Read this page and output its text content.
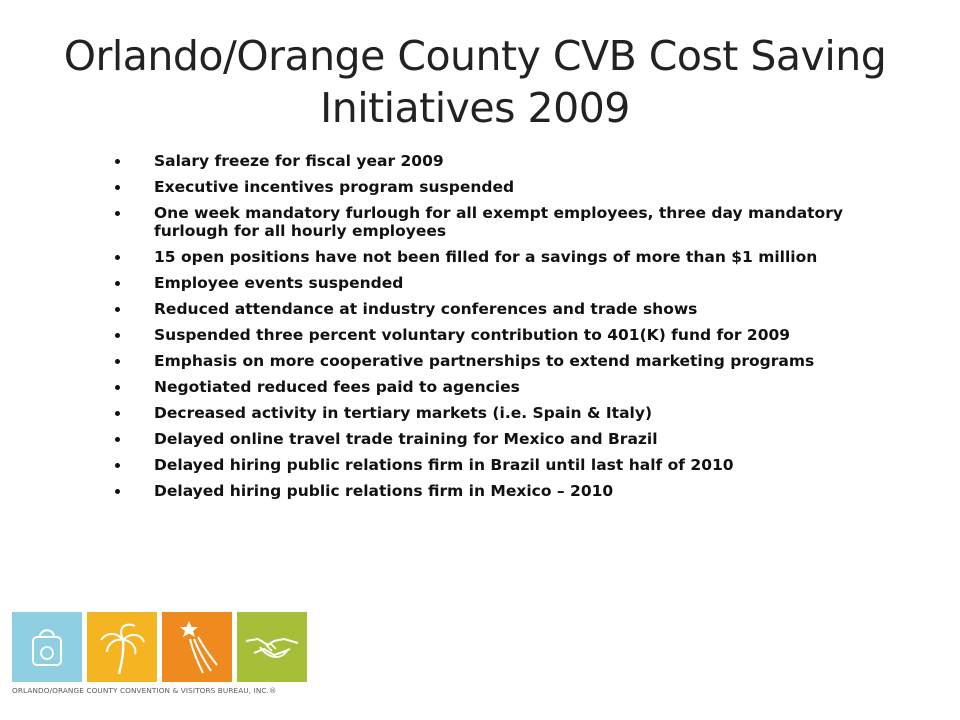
Orlando/Orange County CVB Cost Saving Initiatives 2009
Salary freeze for fiscal year 2009
Executive incentives program suspended
One week mandatory furlough for all exempt employees, three day mandatory furlough for all hourly employees
15 open positions have not been filled for a savings of more than $1 million
Employee events suspended
Reduced attendance at industry conferences and trade shows
Suspended three percent voluntary contribution to 401(K) fund for 2009
Emphasis on more cooperative partnerships to extend marketing programs
Negotiated reduced fees paid to agencies
Decreased activity in tertiary markets (i.e. Spain & Italy)
Delayed online travel trade training for Mexico and Brazil
Delayed hiring public relations firm in Brazil until last half of 2010
Delayed hiring public relations firm in Mexico – 2010
ORLANDO/ORANGE COUNTY CONVENTION & VISITORS BUREAU, INC.®
